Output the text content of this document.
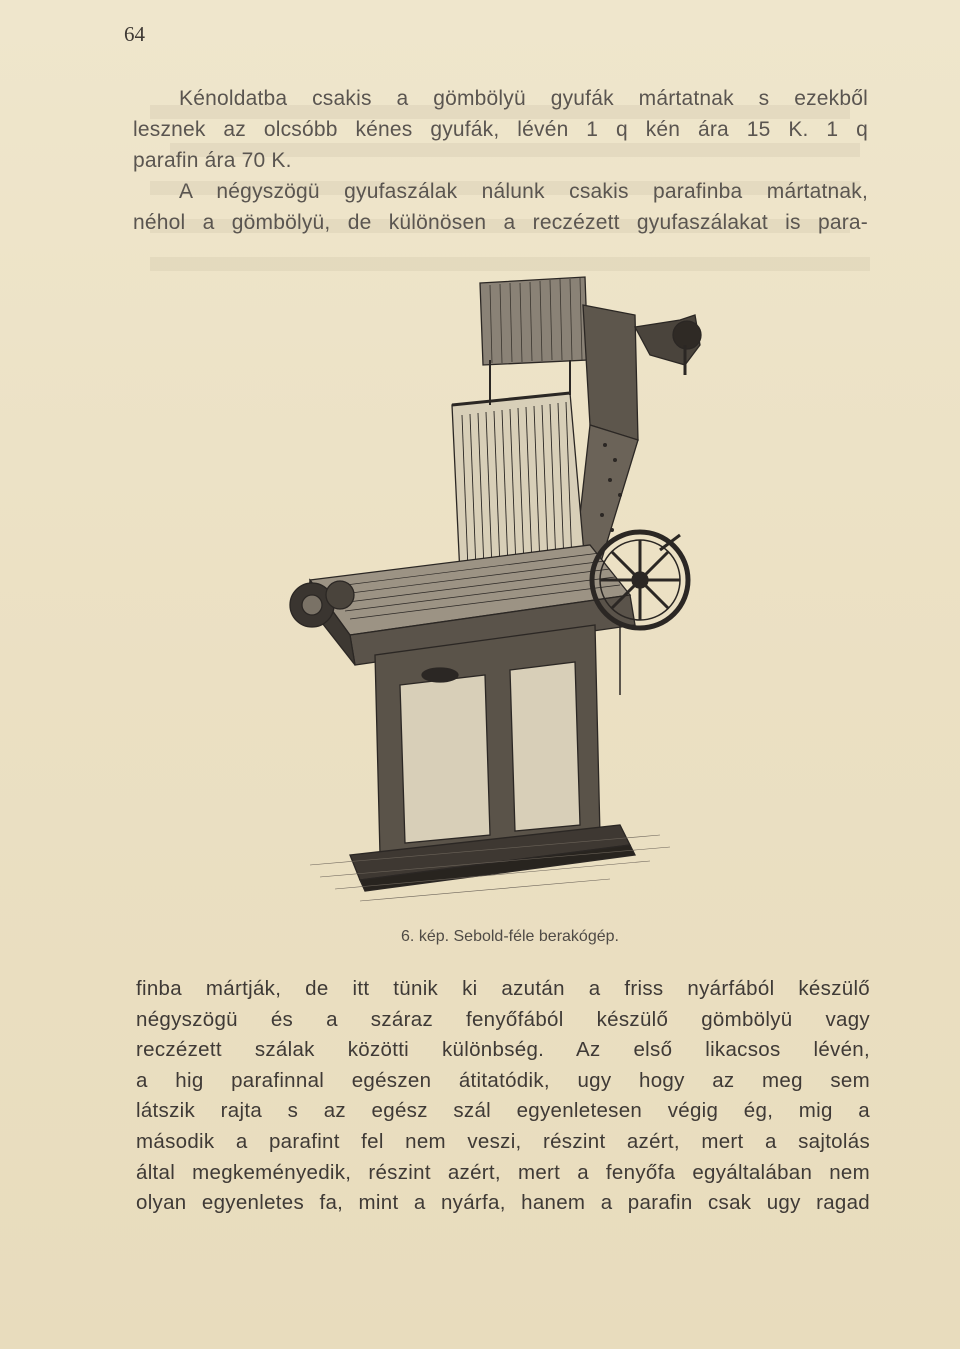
64
Kénoldatba csakis a gömbölyü gyufák mártatnak s ezekből
lesznek az olcsóbb kénes gyufák, lévén 1 q kén ára 15 K. 1 q
parafin ára 70 K.
A négyszögü gyufaszálak nálunk csakis parafinba mártatnak,
néhol a gömbölyü, de különösen a reczézett gyufaszálakat is para-
6. kép. Sebold-féle berakógép.
finba mártják, de itt tünik ki azután a friss nyárfából készülő
négyszögü és a száraz fenyőfából készülő gömbölyü vagy
reczézett szálak közötti különbség. Az első likacsos lévén,
a hig parafinnal egészen átitatódik, ugy hogy az meg sem
látszik rajta s az egész szál egyenletesen végig ég, mig a
második a parafint fel nem veszi, részint azért, mert a sajtolás
által megkeményedik, részint azért, mert a fenyőfa egyáltalában nem
olyan egyenletes fa, mint a nyárfa, hanem a parafin csak ugy ragad
